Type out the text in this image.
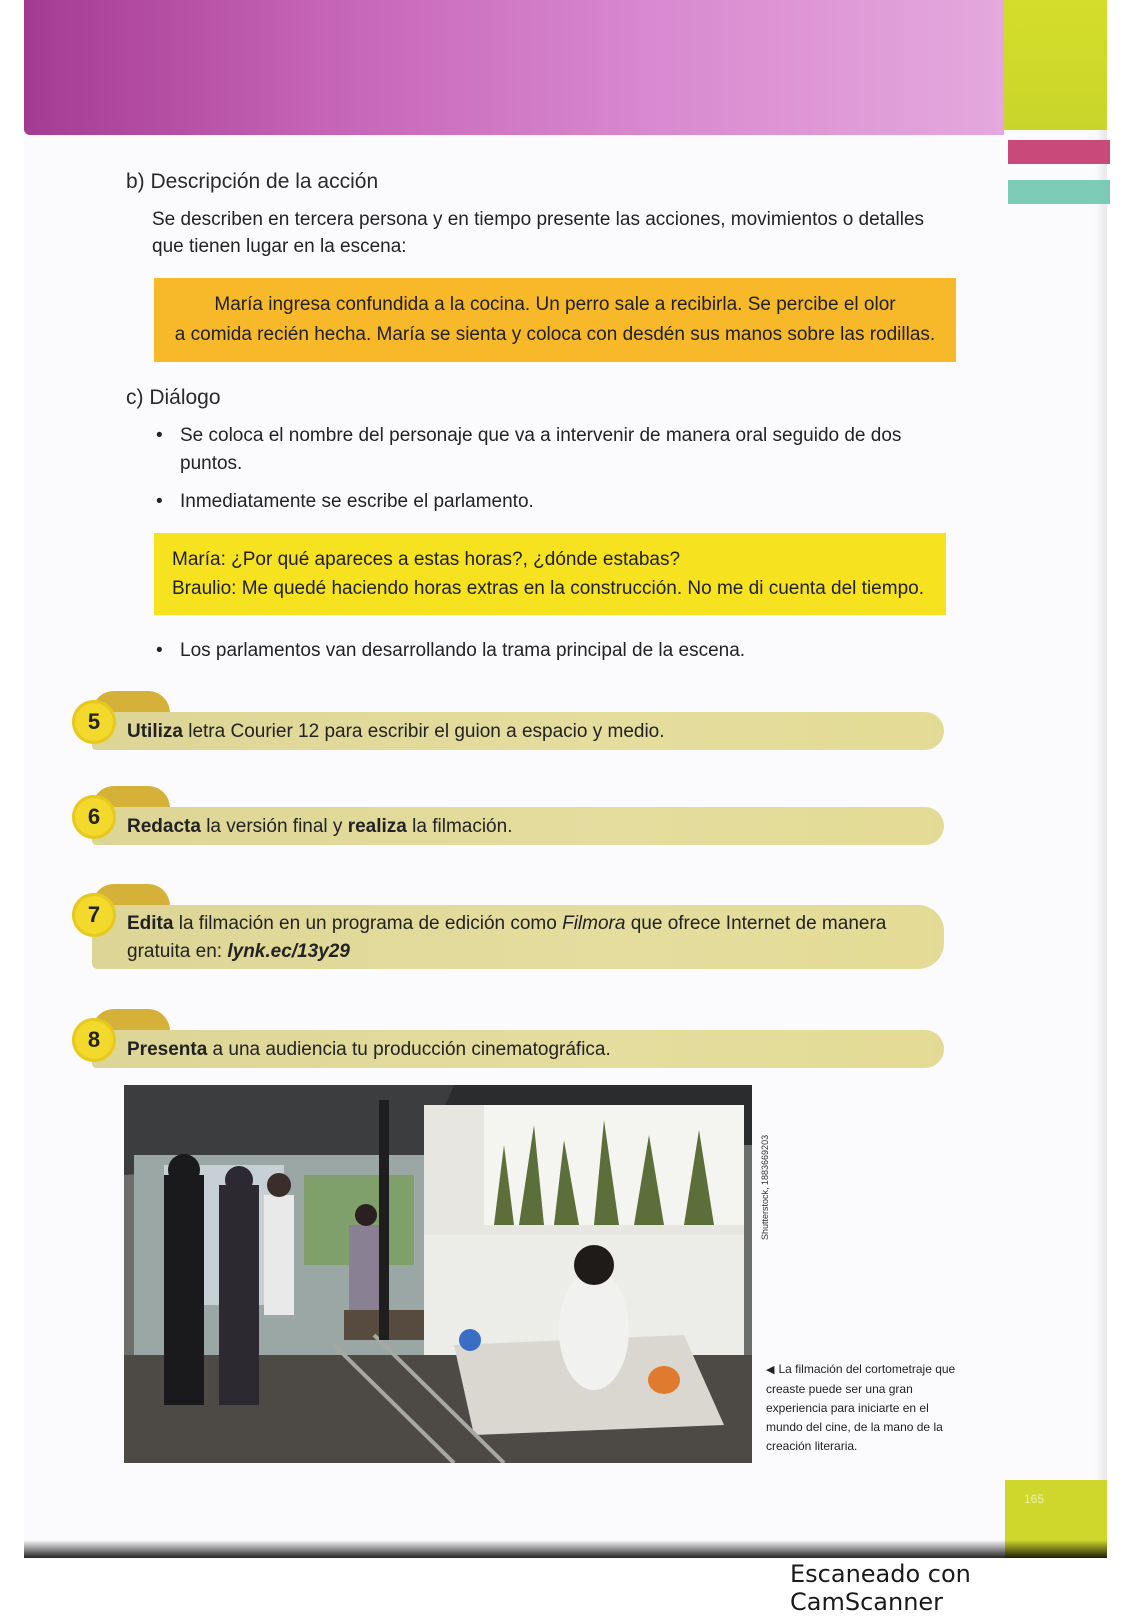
b) Descripción de la acción
Se describen en tercera persona y en tiempo presente las acciones, movimientos o detalles que tienen lugar en la escena:
María ingresa confundida a la cocina. Un perro sale a recibirla. Se percibe el olor
a comida recién hecha. María se sienta y coloca con desdén sus manos sobre las rodillas.
c) Diálogo
• Se coloca el nombre del personaje que va a intervenir de manera oral seguido de dos puntos.
• Inmediatamente se escribe el parlamento.
María: ¿Por qué apareces a estas horas?, ¿dónde estabas?
Braulio: Me quedé haciendo horas extras en la construcción. No me di cuenta del tiempo.
• Los parlamentos van desarrollando la trama principal de la escena.
5	Utiliza letra Courier 12 para escribir el guion a espacio y medio.
6	Redacta la versión final y realiza la filmación.
7	Edita la filmación en un programa de edición como Filmora que ofrece Internet de manera gratuita en: lynk.ec/13y29
8	Presenta a una audiencia tu producción cinematográfica.
Shutterstock, 1883669203
◀ La filmación del cortometraje que creaste puede ser una gran experiencia para iniciarte en el mundo del cine, de la mano de la creación literaria.
165
Escaneado con CamScanner
